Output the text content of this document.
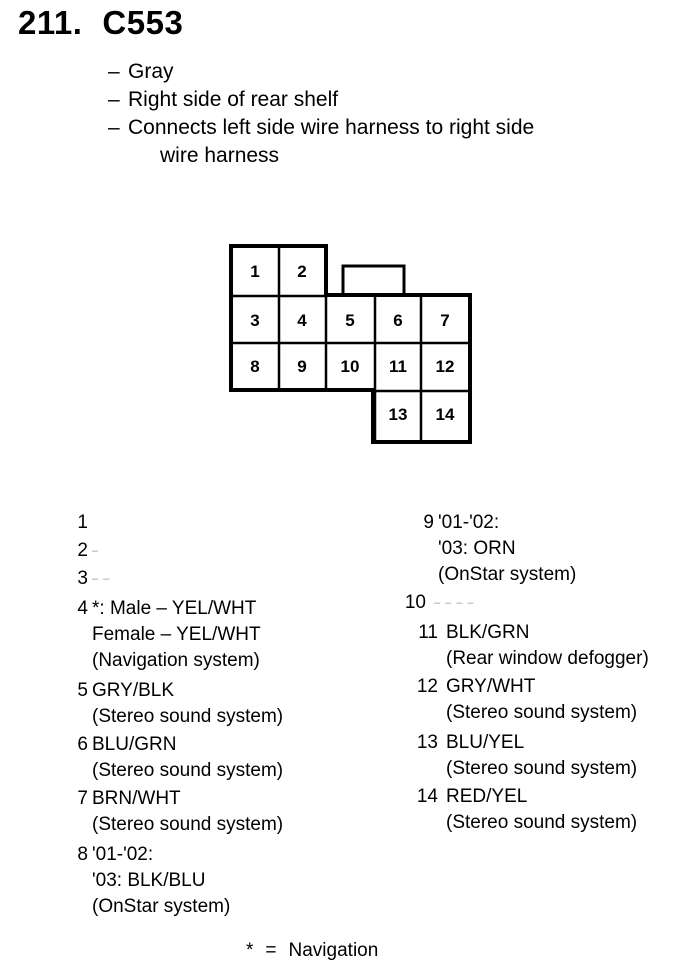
211. C553
– Gray
– Right side of rear shelf
– Connects left side wire harness to right side
wire harness
1 2
3 4 5 6 7
8 9 10 11 12
13 14
1
2 –
3 – –
4 *: Male – YEL/WHT
Female – YEL/WHT
(Navigation system)
5 GRY/BLK
(Stereo sound system)
6 BLU/GRN
(Stereo sound system)
7 BRN/WHT
(Stereo sound system)
8 '01-'02:
'03: BLK/BLU
(OnStar system)
9 '01-'02:
'03: ORN
(OnStar system)
10 – – – –
11 BLK/GRN
(Rear window defogger)
12 GRY/WHT
(Stereo sound system)
13 BLU/YEL
(Stereo sound system)
14 RED/YEL
(Stereo sound system)
* = Navigation
